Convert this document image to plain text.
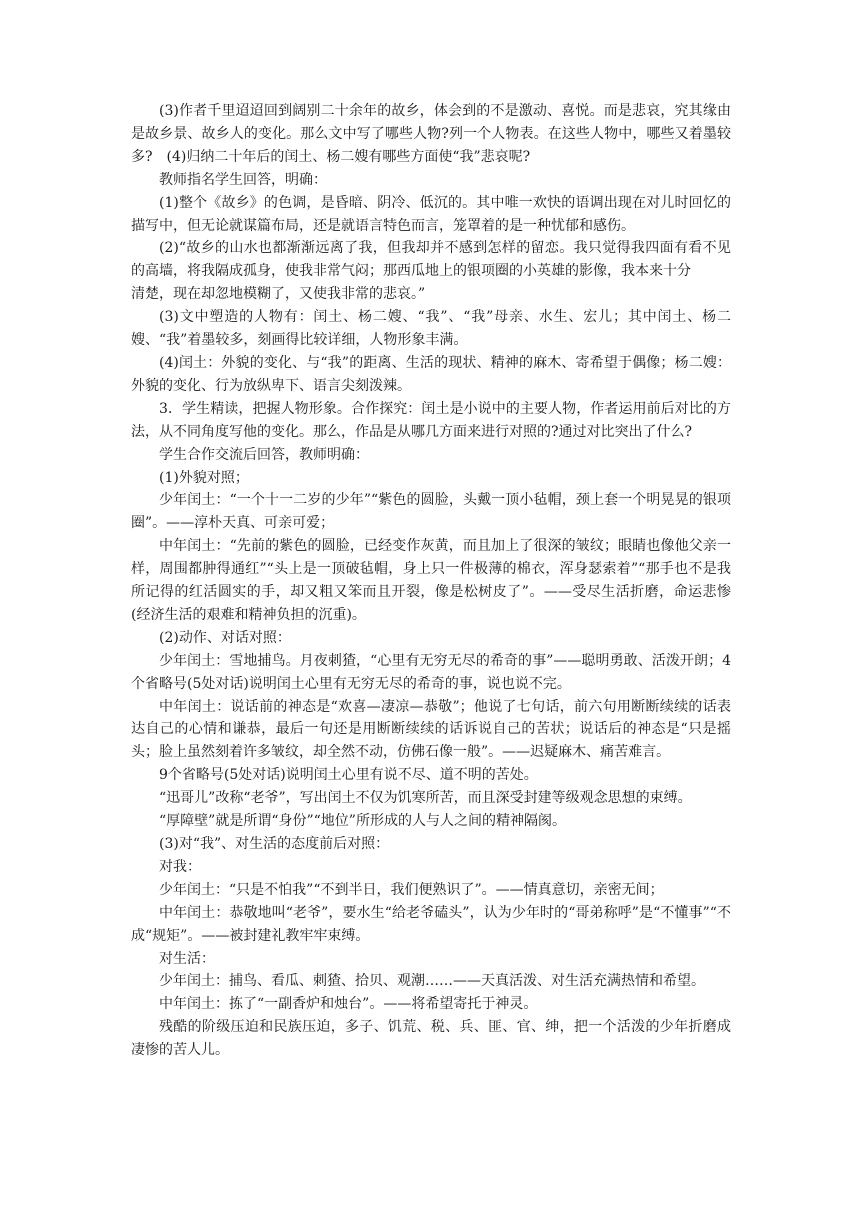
(3)作者千里迢迢回到阔别二十余年的故乡，体会到的不是激动、喜悦。而是悲哀，究其缘由是故乡景、故乡人的变化。那么文中写了哪些人物?列一个人物表。在这些人物中，哪些又着墨较多?　(4)归纳二十年后的闰土、杨二嫂有哪些方面使“我”悲哀呢?

教师指名学生回答，明确：

(1)整个《故乡》的色调，是昏暗、阴冷、低沉的。其中唯一欢快的语调出现在对儿时回忆的描写中，但无论就谋篇布局，还是就语言特色而言，笼罩着的是一种忧郁和感伤。

(2)“故乡的山水也都渐渐远离了我，但我却并不感到怎样的留恋。我只觉得我四面有看不见的高墙，将我隔成孤身，使我非常气闷；那西瓜地上的银项圈的小英雄的影像，我本来十分

清楚，现在却忽地模糊了，又使我非常的悲哀。”

(3)文中塑造的人物有：闰土、杨二嫂、“我”、“我”母亲、水生、宏儿；其中闰土、杨二嫂、“我”着墨较多，刻画得比较详细，人物形象丰满。

(4)闰土：外貌的变化、与“我”的距离、生活的现状、精神的麻木、寄希望于偶像；杨二嫂：外貌的变化、行为放纵卑下、语言尖刻泼辣。

3．学生精读，把握人物形象。合作探究：闰土是小说中的主要人物，作者运用前后对比的方法，从不同角度写他的变化。那么，作品是从哪几方面来进行对照的?通过对比突出了什么?

学生合作交流后回答，教师明确：

(1)外貌对照；

少年闰土：“一个十一二岁的少年”“紫色的圆脸，头戴一顶小毡帽，颈上套一个明晃晃的银项圈”。——淳朴天真、可亲可爱；

中年闰土：“先前的紫色的圆脸，已经变作灰黄，而且加上了很深的皱纹；眼睛也像他父亲一样，周围都肿得通红”“头上是一顶破毡帽，身上只一件极薄的棉衣，浑身瑟索着”“那手也不是我所记得的红活圆实的手，却又粗又笨而且开裂，像是松树皮了”。——受尽生活折磨，命运悲惨(经济生活的艰难和精神负担的沉重)。

(2)动作、对话对照：

少年闰土：雪地捕鸟。月夜刺猹，“心里有无穷无尽的希奇的事”——聪明勇敢、活泼开朗；4个省略号(5处对话)说明闰土心里有无穷无尽的希奇的事，说也说不完。

中年闰土：说话前的神态是“欢喜—凄凉—恭敬”；他说了七句话，前六句用断断续续的话表达自己的心情和谦恭，最后一句还是用断断续续的话诉说自己的苦状；说话后的神态是“只是摇头；脸上虽然刻着许多皱纹，却全然不动，仿佛石像一般”。——迟疑麻木、痛苦难言。

9个省略号(5处对话)说明闰土心里有说不尽、道不明的苦处。

“迅哥儿”改称“老爷”，写出闰土不仅为饥寒所苦，而且深受封建等级观念思想的束缚。

“厚障壁”就是所谓“身份”“地位”所形成的人与人之间的精神隔阂。

(3)对“我”、对生活的态度前后对照：

对我：

少年闰土：“只是不怕我”“不到半日，我们便熟识了”。——情真意切，亲密无间；

中年闰土：恭敬地叫“老爷”，要水生“给老爷磕头”，认为少年时的“哥弟称呼”是“不懂事”“不成“规矩”。——被封建礼教牢牢束缚。

对生活：

少年闰土：捕鸟、看瓜、刺猹、拾贝、观潮……——天真活泼、对生活充满热情和希望。

中年闰土：拣了“一副香炉和烛台”。——将希望寄托于神灵。

残酷的阶级压迫和民族压迫，多子、饥荒、税、兵、匪、官、绅，把一个活泼的少年折磨成凄惨的苦人儿。
